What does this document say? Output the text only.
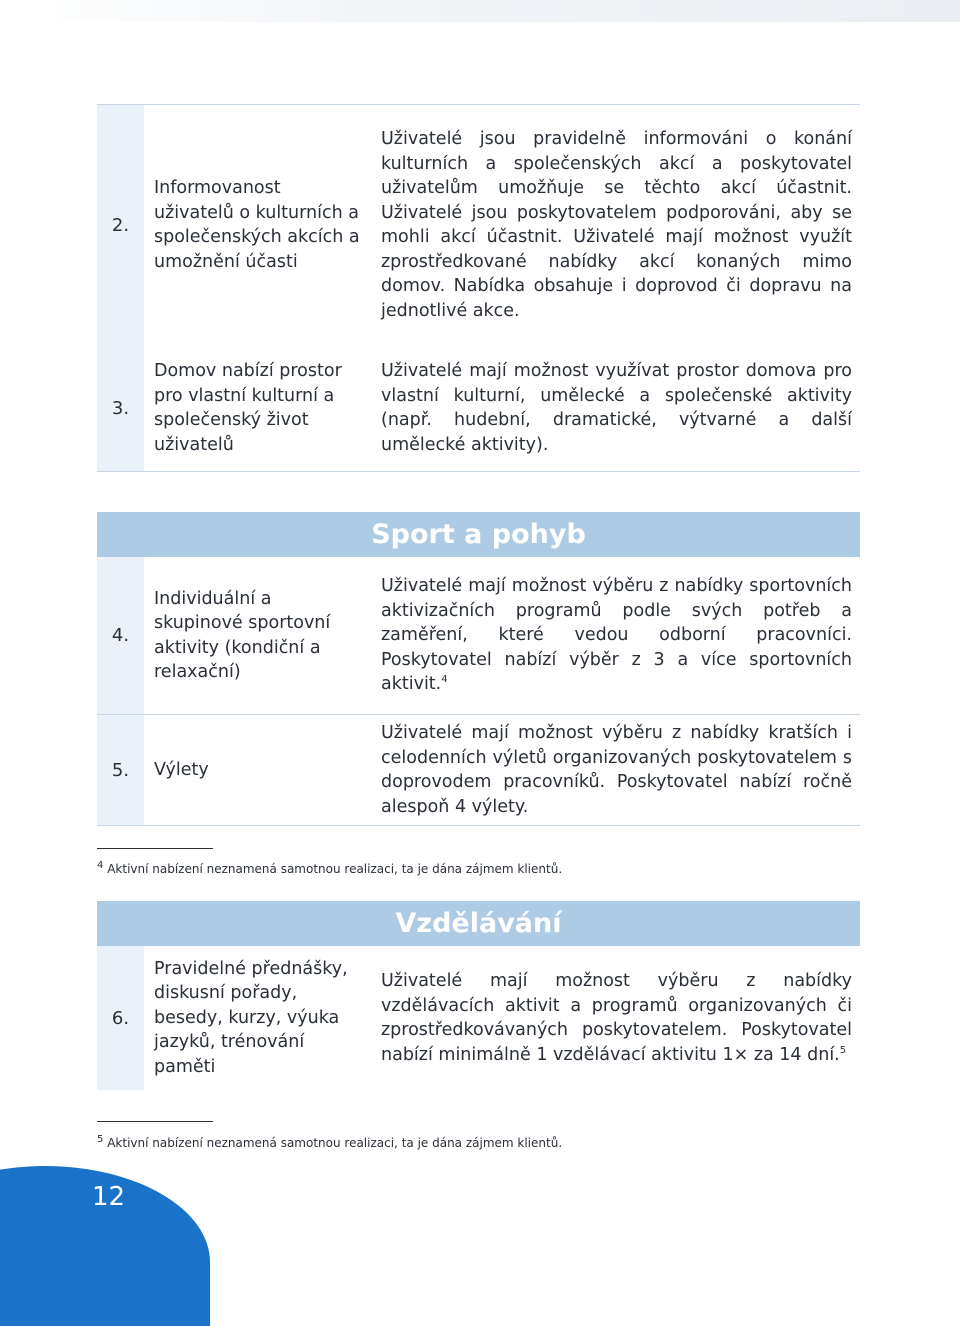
2.
Informovanost uživatelů o kulturních a společenských akcích a umožnění účasti
Uživatelé jsou pravidelně informováni o konání kulturních a společenských akcí a poskytovatel uživatelům umožňuje se těchto akcí účastnit. Uživatelé jsou poskytovatelem podporováni, aby se mohli akcí účastnit. Uživatelé mají možnost využít zprostředkované nabídky akcí konaných mimo domov. Nabídka obsahuje i doprovod či dopravu na jednotlivé akce.
3.
Domov nabízí prostor pro vlastní kulturní a společenský život uživatelů
Uživatelé mají možnost využívat prostor domova pro vlastní kulturní, umělecké a společenské aktivity (např. hudební, dramatické, výtvarné a další umělecké aktivity).
Sport a pohyb
4.
Individuální a skupinové sportovní aktivity (kondiční a relaxační)
Uživatelé mají možnost výběru z nabídky sportovních aktivizačních programů podle svých potřeb a zaměření, které vedou odborní pracovníci. Poskytovatel nabízí výběr z 3 a více sportovních aktivit.$^4$
5.	Výlety
Uživatelé mají možnost výběru z nabídky kratších i celodenních výletů organizovaných poskytovatelem s doprovodem pracovníků. Poskytovatel nabízí ročně alespoň 4 výlety.
$^4$ Aktivní nabízení neznamená samotnou realizaci, ta je dána zájmem klientů.
Vzdělávání
6.
Pravidelné přednášky, diskusní pořady, besedy, kurzy, výuka jazyků, trénování paměti
Uživatelé mají možnost výběru z nabídky vzdělávacích aktivit a programů organizovaných či zprostředkovávaných poskytovatelem. Poskytovatel nabízí minimálně 1 vzdělávací aktivitu 1× za 14 dní.$^5$
$^5$ Aktivní nabízení neznamená samotnou realizaci, ta je dána zájmem klientů.
12
